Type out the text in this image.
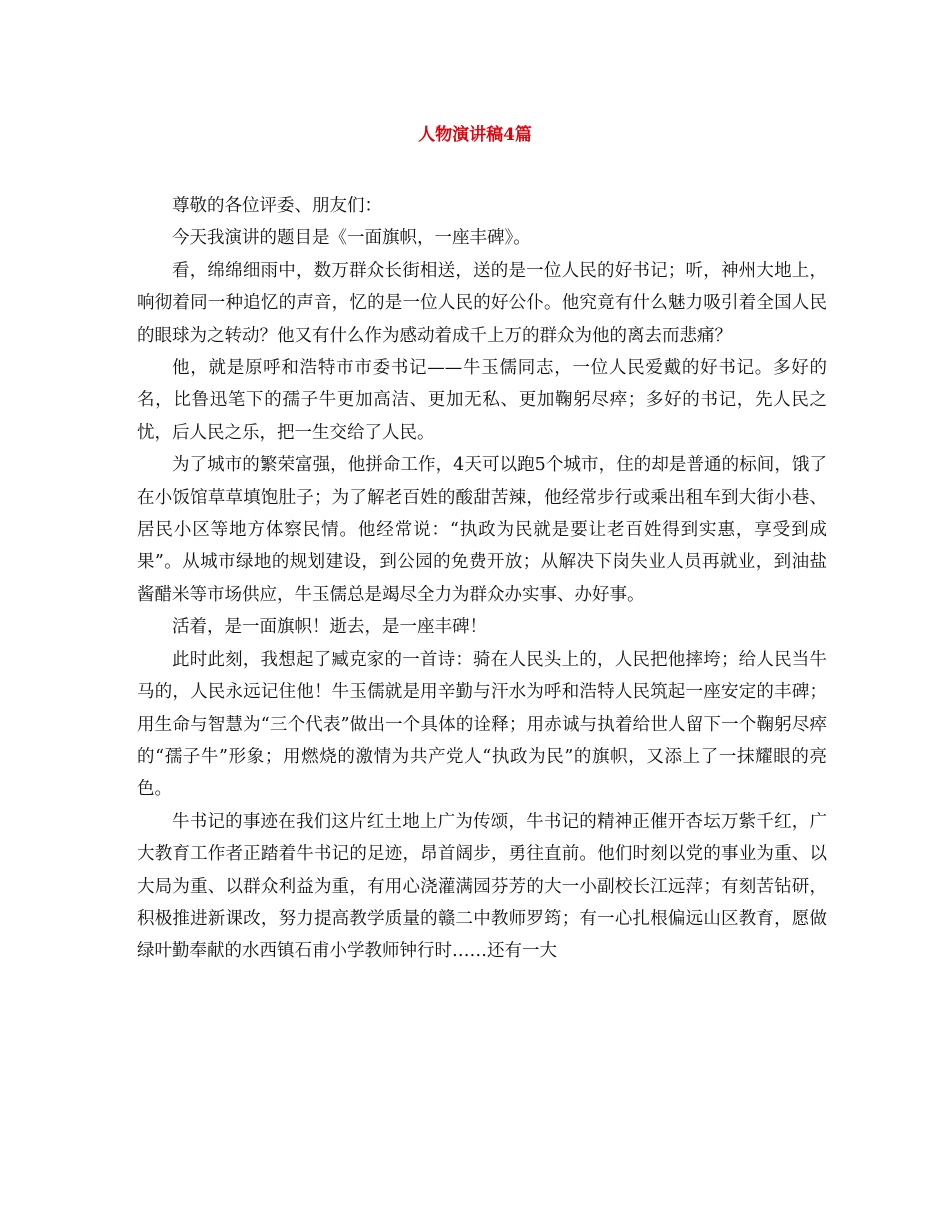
人物演讲稿4篇

尊敬的各位评委、朋友们：

今天我演讲的题目是《一面旗帜，一座丰碑》。

看，绵绵细雨中，数万群众长街相送，送的是一位人民的好书记；听，神州大地上，响彻着同一种追忆的声音，忆的是一位人民的好公仆。他究竟有什么魅力吸引着全国人民的眼球为之转动？他又有什么作为感动着成千上万的群众为他的离去而悲痛？

他，就是原呼和浩特市市委书记——牛玉儒同志，一位人民爱戴的好书记。多好的名，比鲁迅笔下的孺子牛更加高洁、更加无私、更加鞠躬尽瘁；多好的书记，先人民之忧，后人民之乐，把一生交给了人民。

为了城市的繁荣富强，他拼命工作，4天可以跑5个城市，住的却是普通的标间，饿了在小饭馆草草填饱肚子；为了解老百姓的酸甜苦辣，他经常步行或乘出租车到大街小巷、居民小区等地方体察民情。他经常说：“执政为民就是要让老百姓得到实惠，享受到成果”。从城市绿地的规划建设，到公园的免费开放；从解决下岗失业人员再就业，到油盐酱醋米等市场供应，牛玉儒总是竭尽全力为群众办实事、办好事。

活着，是一面旗帜！逝去，是一座丰碑！

此时此刻，我想起了臧克家的一首诗：骑在人民头上的，人民把他摔垮；给人民当牛马的，人民永远记住他！牛玉儒就是用辛勤与汗水为呼和浩特人民筑起一座安定的丰碑；用生命与智慧为“三个代表”做出一个具体的诠释；用赤诚与执着给世人留下一个鞠躬尽瘁的“孺子牛”形象；用燃烧的激情为共产党人“执政为民”的旗帜，又添上了一抹耀眼的亮色。

牛书记的事迹在我们这片红土地上广为传颂，牛书记的精神正催开杏坛万紫千红，广大教育工作者正踏着牛书记的足迹，昂首阔步，勇往直前。他们时刻以党的事业为重、以大局为重、以群众利益为重，有用心浇灌满园芬芳的大一小副校长江远萍；有刻苦钻研，积极推进新课改，努力提高教学质量的赣二中教师罗筠；有一心扎根偏远山区教育，愿做绿叶勤奉献的水西镇石甫小学教师钟行时……还有一大
